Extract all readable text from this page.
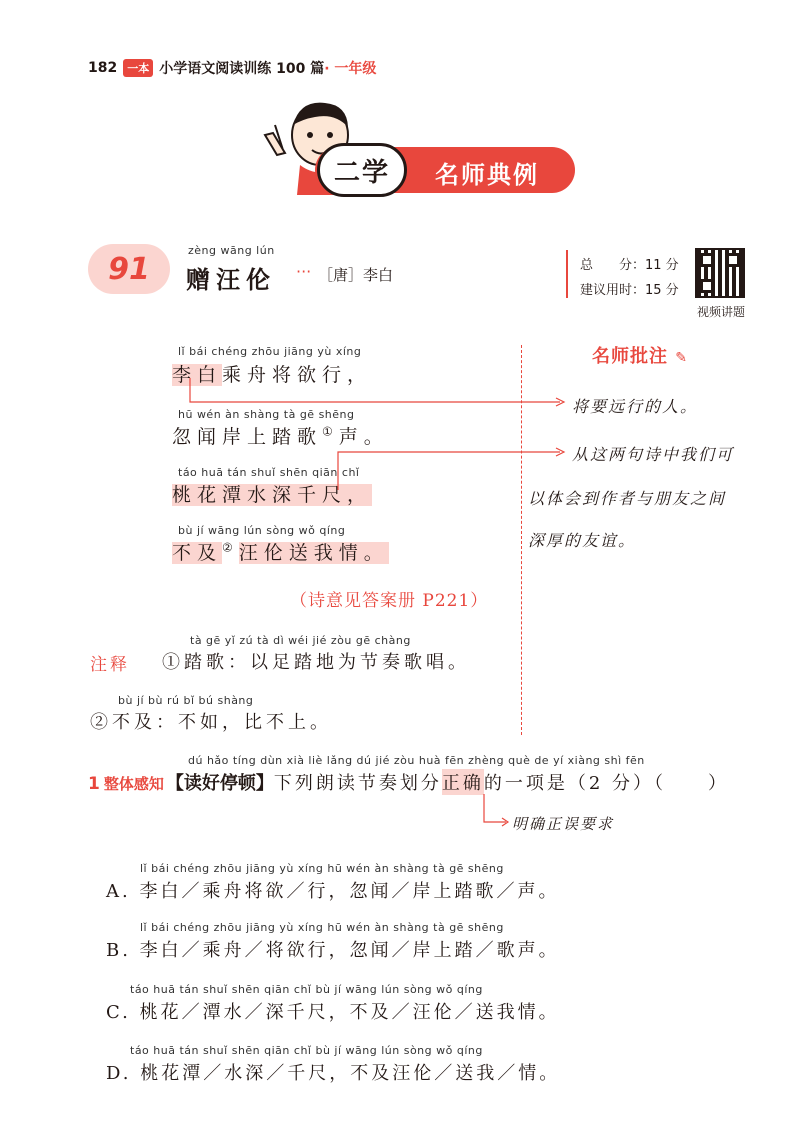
182 一本 小学语文阅读训练 100 篇 · 一年级
二学 名师典例
91
zèng wāng lún
赠汪伦 ··· ［唐］李白
总　　分：11 分
建议用时：15 分
视频讲题
lǐ bái chéng zhōu jiāng yù xíng
李白乘舟将欲行，
hū wén àn shàng tà gē shēng
忽闻岸上踏歌①声。
táo huā tán shuǐ shēn qiān chǐ
桃花潭水深千尺，
bù jí wāng lún sòng wǒ qíng
不及②汪伦送我情。
（诗意见答案册 P221）
名师批注 ✎
将要远行的人。
从这两句诗中我们可
以体会到作者与朋友之间
深厚的友谊。
注释
tà gē yǐ zú tà dì wéi jié zòu gē chàng
①踏歌：以足踏地为节奏歌唱。
bù jí bù rú bǐ bú shàng
②不及：不如，比不上。
dú hǎo tíng dùn xià liè lǎng dú jié zòu huà fēn zhèng què de yí xiàng shì fēn
1 整体感知 【读好停顿】 下列朗读节奏划分 正确 的一项是（2 分）（　　）
明确正误要求
lǐ bái chéng zhōu jiāng yù xíng hū wén àn shàng tà gē shēng
A. 李白／乘舟将欲／行，忽闻／岸上踏歌／声。
lǐ bái chéng zhōu jiāng yù xíng hū wén àn shàng tà gē shēng
B. 李白／乘舟／将欲行，忽闻／岸上踏／歌声。
táo huā tán shuǐ shēn qiān chǐ bù jí wāng lún sòng wǒ qíng
C. 桃花／潭水／深千尺，不及／汪伦／送我情。
táo huā tán shuǐ shēn qiān chǐ bù jí wāng lún sòng wǒ qíng
D. 桃花潭／水深／千尺，不及汪伦／送我／情。
